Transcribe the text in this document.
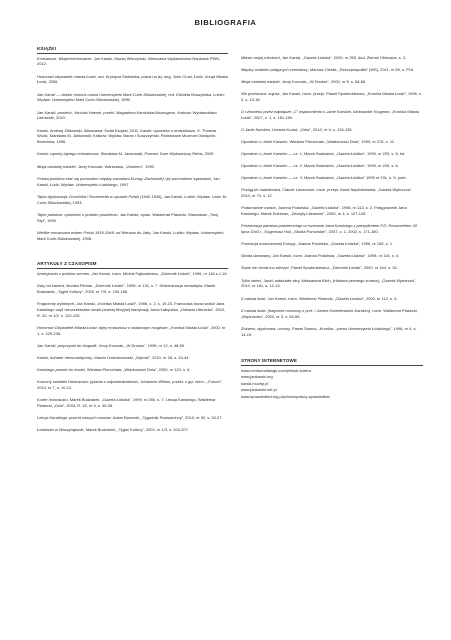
BIBLIOGRAFIA
KSIĄŻKI
Emisariusz. Wtajemnichowanie, Jan Karski, Maciej Wierzyński, Warszawa Wydawnictwo Naukowe PWN, 2012.
Honorowi obywatele miasta Łodzi, red. Krystyna Stokelska; praca na jej. ang. John Crust, Łódź: Urząd Miasta Łodzi, 2006.
Jan Karski — doktor honoris causa Uniwersytetu Marii Curie-Skłodowskiej, red. Elżbieta Muszyńska, Lublin: Wydaw. Uniwersytetu Marii Curie-Skłodowskiej, 1996.
Jan Karski: powieść, Yannick Haenel; przekł. Magdalena Kamińska-Maurugeon, Kraków: Wydawnictwo Literackie, 2010.
Karski, Andrzej Żbikowski, Warszawa: Świat Książki, 2011. Karski: opowieść o emisariuszu, E. Thomas Wood, Stanisław M. Jankowski; Kraków: Wydaw. Baran i Suszczyński; Państwowe Muzeum Oświęcim-Brzezinka, 1996.
Karski: raporty tajnego emisariusza, Stanisław M. Jankowski; Poznań: Dom Wydawniczy Rebis, 2009.
Misja ostatniej nadziei, Jerzy Korczak, Warszawa, „Volumen”, 1992.
Polska powinna stać się pomostem między narodami Europy Zachodniej i jej wschodnimi sąsiadami, Jan Karski, Łódź: Wydaw. Uniwersytetu Łódzkiego, 1997.
Tajna dyplomacja Churchilla i Roosevelta w sprawie Polski (1940-1945), Jan Karski, Lublin: Wydaw. Uniw. M. Curie-Skłodowskiej, 1993.
Tajne państwo: opowieść o polskim podziemiu, Jan Karski; oprac. Waldemar Piasecki, Warszawa: „Twój Styl”, 1999.
Wielkie mocarstwa wobec Polski 1919-1945: od Wersalu do Jałty, Jan Karski, Lublin: Wydaw. Uniwersytetu Marii Curie-Skłodowskiej, 1998.
ARTYKUŁY Z CZASOPISM
Amerykanin z polskim sercem, Jan Karski, rozm. Michał Fajbusiewicz, „Dziennik Łódzki”, 1996, nr 146 s.1,16.
Dary od kariera, Monika Pietras, „Dziennik Łódzki”, 1999, nr 132, s. 7. Determinacja romantyka, Marek Budziarek, „Tygiel Kultury”, 2000, nr 7/9, s. 154-158.
Fragmenty wybitnych, Jan Karski, „Kronika Miasta Łodzi”, 1996, z. 2, s. 19-23. Francuska burza wokół Jana Karskiego czyli nieoczekiwane skutki pewnej fikcyjnej fascynacji, Anna Łabędzka, „Dekada Literacka”, 2010, R. 20, nr 1/2, s. 120-125.
Honorowi Obywatele Miasta Łodzi: tajny emisariusz o światowym rozgłosie, „Kronika Miasta Łodzi”, 2000, nr 1, s. 229-238.
Jan Karski: przyczynki do biografii, Jerzy Korczak, „W Drodze”, 1995, nr 12, s. 48-59.
Karski, bohater nieromantyczny, Marcin Dzierżanowski, „Wprost”, 2010, nr 28, s. 43-44.
Karskiego powrót do źródeł, Wiesław Pierzchała, „Wiadomości Dnia”, 2000, nr 123, s. 6.
Koronny świadek Holocaustu: pytania o odpowiedzialność, Johannes Willms, przekł. z jęz. niem., „Forum”, 2010, nr 7, s. 10-12.
Kurier holocaustu, Marek Budziarek, „Gazeta Łódzka”, 1999, nr 280, s. 7. Lekcja Karskiego, Waldemar Piasecki, „Dziś”, 2003, R. 16, nr 9, s. 39-45.
Lekcja Karskiego: powrót naszych czasów, Adam Bomecki, „Tygodnik Powszechny”, 2010, nr 30, s. 26-27.
Łodzianin w Waszyngtonie, Marek Budziarek, „Tygiel Kultury”, 2002, nr 1/3, s. 204-207.
Miasto mojej młodości, Jan Karski, „Gazeta Łódzka”, 2000, nr 253, dod. Ziemia Obiecana, s. 3.
Między ostatnim potępnych czerniarzy, Mariusz Cieślik, „Rzeczpospolita” (WS), 2011, nr 59, s. P16.
Misja ostatniej nadziei, Jerzy Korczak, „W Drodze”, 2000, nr 5, s. 58-68.
Nie przewraca: sojusz, Jan Karski, rozm. przepr. Paweł Spodenkiewicz, „Kronika Miasta Łodzi”, 1996, z. 2, s. 13-18.
O człowieku przez najwiękze „C” wspomnienia o Janie Karskim, Aleksander Klugman, „Kronika Miasta Łodzi”, 2007, z. 1, s. 151-159.
O Janie Karskim, Urszula Kozioł, „Odra”, 2010, nr 4, s. 134-135.
Opowieść o Janie Karskim, Wiesław Pierzchała, „Wiadomości Dnia”, 1999, nr 276, s. 11.
Opowieść o Janie Karskim — cz. 1, Marek Budziarek, „Gazeta Łódzka”, 1999, nr 229, s. 5, fot.
Opowieść o Janie Karskim — cz. 2, Marek Budziarek, „Gazeta Łódzka”, 1999, nr 230, s. 6.
Opowieść o Janie Karskim — cz. 3, Marek Budziarek, „Gazeta Łódzka” 1999 nr 231, s. 5, portr.
Pociąg do świadectwa, Claude Lanzmann, rozm. przepr. Anna Napiórkowska, „Gazeta Wyborcza”, 2010, nr 70, s. 12.
Podarowane miasto, Joanna Podolska, „Gazeta Łódzka”, 1998, nr 113, s. 2. Potęgowanie Jana Karskiego, Marek Edelman, „Zeszyty Literackie”, 2000, nr 4, s. 127-128.
Prezentacja państwa podziemnego w rozmowie Jana Karskiego z prezydentem F.D. Rooseveltem 28 lipca 1943 r., Eugeniusz Hull, „Studia Pomorskie”, 2007, z. 1, 2002, s. 171-180.
Prowincja nowoczesnej Europy, Joanna Podolska, „Gazeta Łódzka”, 1996, nr 169, s. 1.
Skoda darowany, Jan Karski, rozm. Joanna Podolska, „Gazeta Łódzka”, 1998, nr 116, s. 4.
Świat nie chciał mu wierzyć, Paweł Spodenkiewicz, „Dziennik Łódzki”, 2000, nr 164, s. 16.
Tylko dzieci, Janki, właściwie wiry, Aleksandra Klich, (Historia pewnego kuriera), „Gazeta Wyborcza”, 2010, nr 181, s. 12-13.
Z miasta łodzi, Jan Karski, rozm. Waldemar Piasecki, „Gazeta Łódzka”, 2000, nr 112, s. 5.
Z miasta łodzi: (fragment rozmowy z prof. / Janem Kozielewskim-Karskim), rozm. Waldemar Piasecki, „Wędrowiec”, 2000, nr 3, s. 54-55.
Żołnierz, dyplomata, uczony, Paweł Samuś, „Kronika - pismo Uniwersytetu Łódzkiego”, 1996, nr 4, s. 14-15.
STRONY INTERNETOWE
www.centrumdialogu.com/pl/klub-kurera
www.jankarski.org
karski.muzhp.pl
www.jankarski.net.pl
www.sprawiedliwi.org.pl/pl/cms/polscy-sprawiedliwi
